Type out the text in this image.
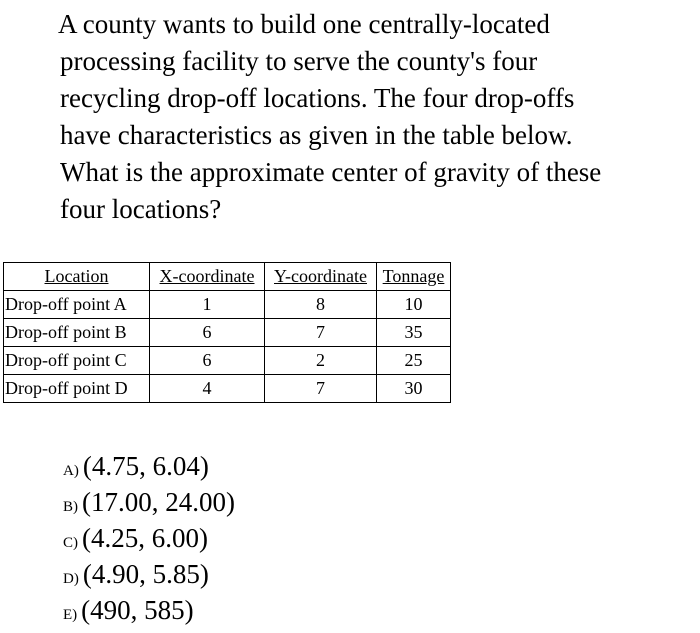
A county wants to build one centrally-located
processing facility to serve the county's four
recycling drop-off locations. The four drop-offs
have characteristics as given in the table below.
What is the approximate center of gravity of these
four locations?
Location	X-coordinate	Y-coordinate	Tonnage
Drop-off point A	1	8	10
Drop-off point B	6	7	35
Drop-off point C	6	2	25
Drop-off point D	4	7	30
A) (4.75, 6.04)
B) (17.00, 24.00)
C) (4.25, 6.00)
D) (4.90, 5.85)
E) (490, 585)
